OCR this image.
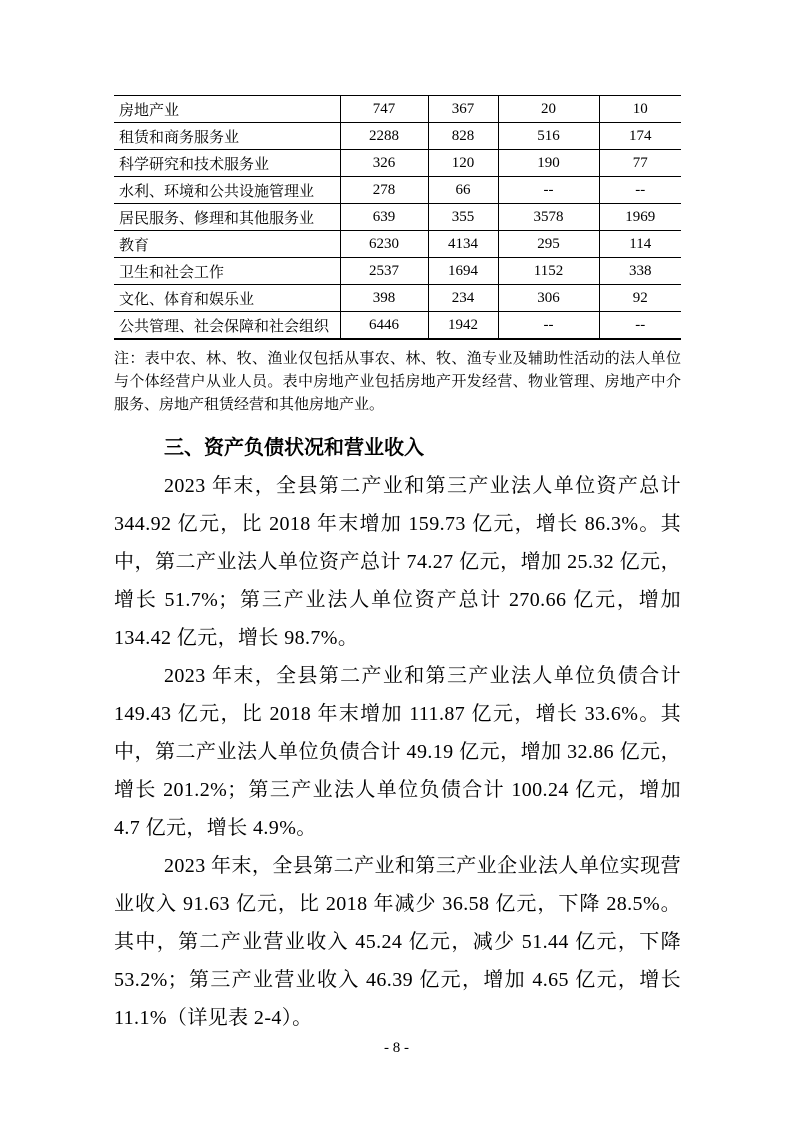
房地产业	747	367	20	10
租赁和商务服务业	2288	828	516	174
科学研究和技术服务业	326	120	190	77
水利、环境和公共设施管理业	278	66	--	--
居民服务、修理和其他服务业	639	355	3578	1969
教育	6230	4134	295	114
卫生和社会工作	2537	1694	1152	338
文化、体育和娱乐业	398	234	306	92
公共管理、社会保障和社会组织	6446	1942	--	--

注：表中农、林、牧、渔业仅包括从事农、林、牧、渔专业及辅助性活动的法人单位与个体经营户从业人员。表中房地产业包括房地产开发经营、物业管理、房地产中介服务、房地产租赁经营和其他房地产业。

三、资产负债状况和营业收入

2023 年末，全县第二产业和第三产业法人单位资产总计 344.92 亿元，比 2018 年末增加 159.73 亿元，增长 86.3%。其中，第二产业法人单位资产总计 74.27 亿元，增加 25.32 亿元，增长 51.7%；第三产业法人单位资产总计 270.66 亿元，增加 134.42 亿元，增长 98.7%。

2023 年末，全县第二产业和第三产业法人单位负债合计 149.43 亿元，比 2018 年末增加 111.87 亿元，增长 33.6%。其中，第二产业法人单位负债合计 49.19 亿元，增加 32.86 亿元，增长 201.2%；第三产业法人单位负债合计 100.24 亿元，增加 4.7 亿元，增长 4.9%。

2023 年末，全县第二产业和第三产业企业法人单位实现营业收入 91.63 亿元，比 2018 年减少 36.58 亿元，下降 28.5%。其中，第二产业营业收入 45.24 亿元，减少 51.44 亿元，下降 53.2%；第三产业营业收入 46.39 亿元，增加 4.65 亿元，增长 11.1%（详见表 2-4）。

- 8 -
